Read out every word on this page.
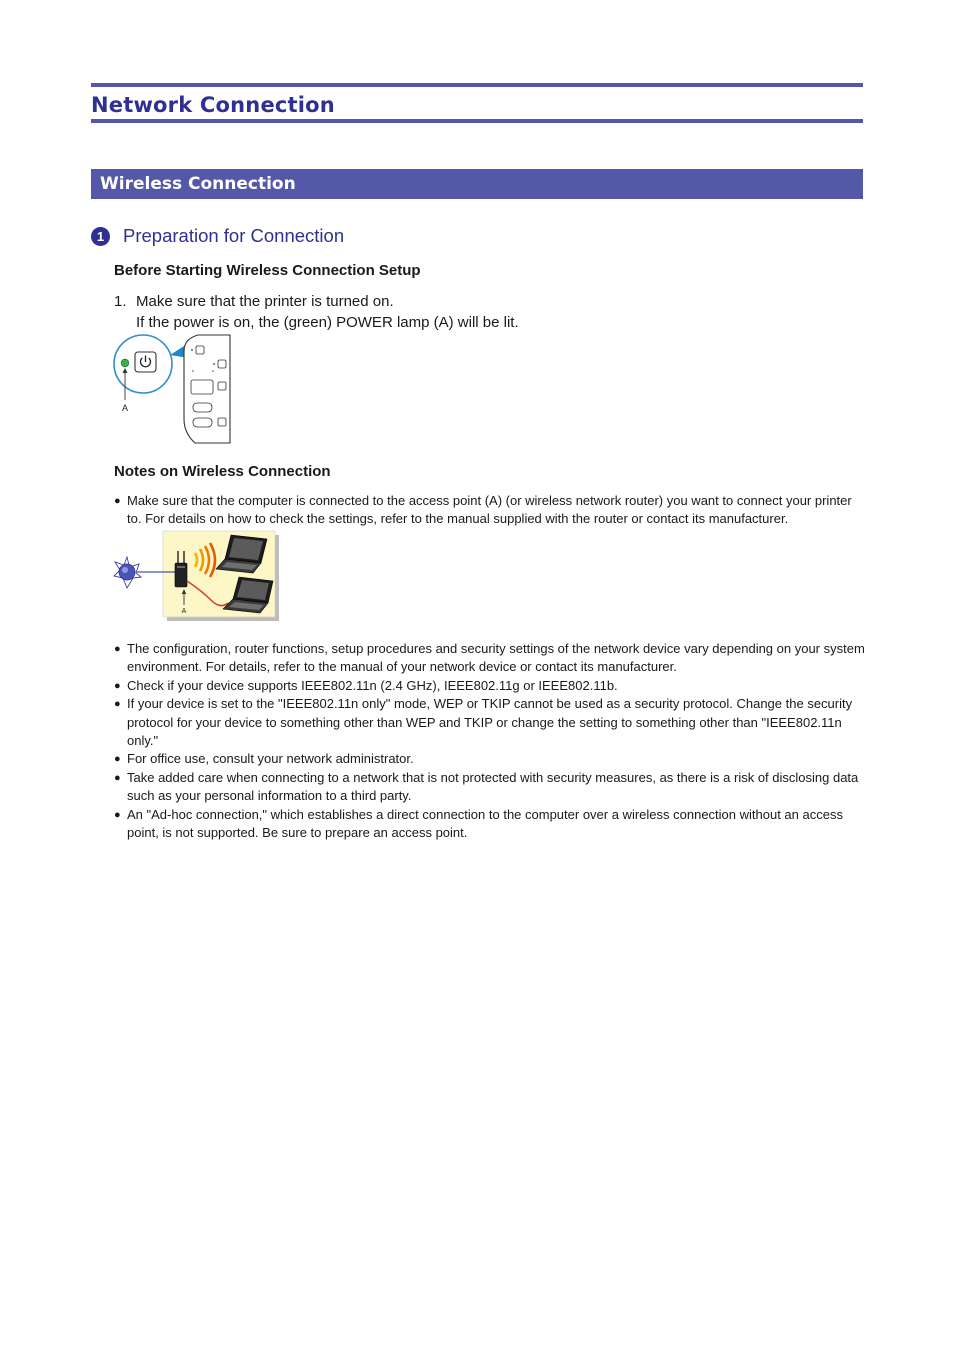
Network Connection
Wireless Connection
1	Preparation for Connection
Before Starting Wireless Connection Setup
1. Make sure that the printer is turned on.
If the power is on, the (green) POWER lamp (A) will be lit.
A
Notes on Wireless Connection
● Make sure that the computer is connected to the access point (A) (or wireless network router) you want to connect your printer to. For details on how to check the settings, refer to the manual supplied with the router or contact its manufacturer.
A
● The configuration, router functions, setup procedures and security settings of the network device vary depending on your system environment. For details, refer to the manual of your network device or contact its manufacturer.
● Check if your device supports IEEE802.11n (2.4 GHz), IEEE802.11g or IEEE802.11b.
● If your device is set to the "IEEE802.11n only" mode, WEP or TKIP cannot be used as a security protocol. Change the security protocol for your device to something other than WEP and TKIP or change the setting to something other than "IEEE802.11n only."
● For office use, consult your network administrator.
● Take added care when connecting to a network that is not protected with security measures, as there is a risk of disclosing data such as your personal information to a third party.
● An "Ad-hoc connection," which establishes a direct connection to the computer over a wireless connection without an access point, is not supported. Be sure to prepare an access point.
